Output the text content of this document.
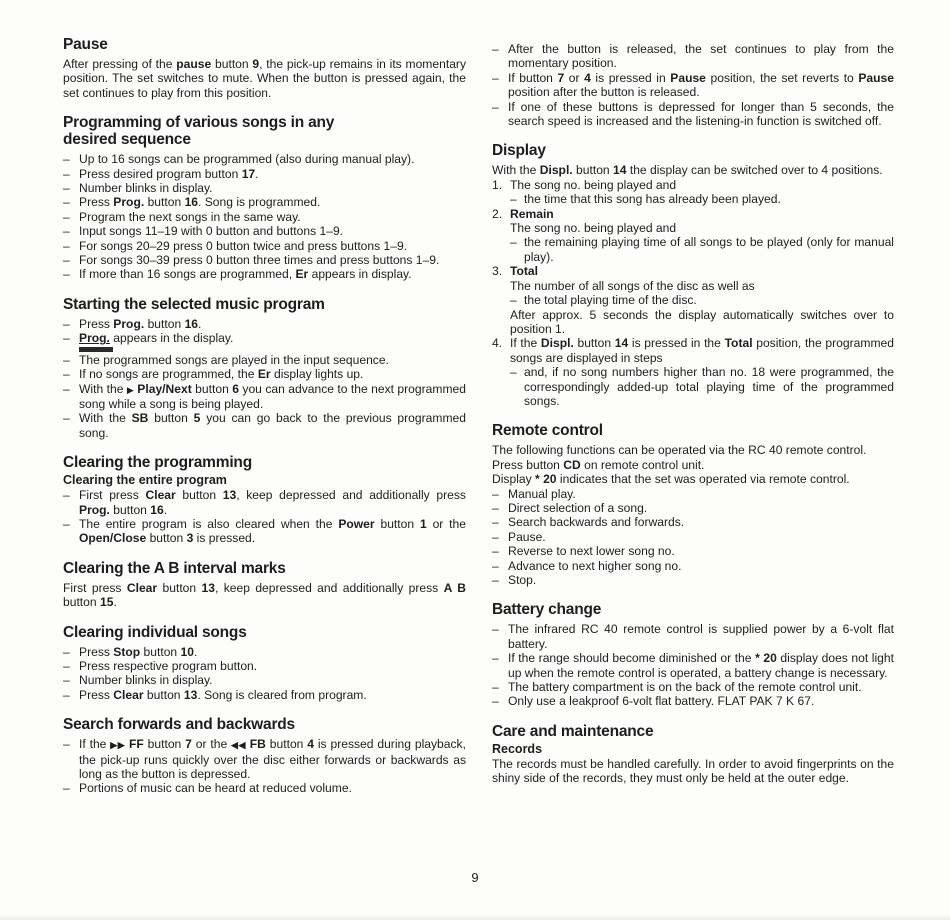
Pause

After pressing of the pause button 9, the pick-up remains in its momentary position. The set switches to mute. When the button is pressed again, the set continues to play from this position.

Programming of various songs in any desired sequence
– Up to 16 songs can be programmed (also during manual play).
– Press desired program button 17.
– Number blinks in display.
– Press Prog. button 16. Song is programmed.
– Program the next songs in the same way.
– Input songs 11–19 with 0 button and buttons 1–9.
– For songs 20–29 press 0 button twice and press buttons 1–9.
– For songs 30–39 press 0 button three times and press buttons 1–9.
– If more than 16 songs are programmed, Er appears in display.
Starting the selected music program
– Press Prog. button 16.
– Prog. appears in the display.
– The programmed songs are played in the input sequence.
– If no songs are programmed, the Er display lights up.
– With the ▶ Play/Next button 6 you can advance to the next programmed song while a song is being played.
– With the SB button 5 you can go back to the previous programmed song.
Clearing the programming
Clearing the entire program
– First press Clear button 13, keep depressed and additionally press Prog. button 16.
– The entire program is also cleared when the Power button 1 or the Open/Close button 3 is pressed.
Clearing the A B interval marks

First press Clear button 13, keep depressed and additionally press A B button 15.

Clearing individual songs
– Press Stop button 10.
– Press respective program button.
– Number blinks in display.
– Press Clear button 13. Song is cleared from program.
Search forwards and backwards
– If the ▶▶ FF button 7 or the ◀◀ FB button 4 is pressed during playback, the pick-up runs quickly over the disc either forwards or backwards as long as the button is depressed.
– Portions of music can be heard at reduced volume.
– After the button is released, the set continues to play from the momentary position.
– If button 7 or 4 is pressed in Pause position, the set reverts to Pause position after the button is released.
– If one of these buttons is depressed for longer than 5 seconds, the search speed is increased and the listening-in function is switched off.
Display

With the Displ. button 14 the display can be switched over to 4 positions.

1. The song no. being played and
– the time that this song has already been played.
2. Remain
The song no. being played and
– the remaining playing time of all songs to be played (only for manual play).
3. Total
The number of all songs of the disc as well as
– the total playing time of the disc.

After approx. 5 seconds the display automatically switches over to position 1.

4. If the Displ. button 14 is pressed in the Total position, the programmed songs are displayed in steps
– and, if no song numbers higher than no. 18 were programmed, the correspondingly added-up total playing time of the programmed songs.
Remote control

The following functions can be operated via the RC 40 remote control.

Press button CD on remote control unit.

Display * 20 indicates that the set was operated via remote control.

– Manual play.
– Direct selection of a song.
– Search backwards and forwards.
– Pause.
– Reverse to next lower song no.
– Advance to next higher song no.
– Stop.
Battery change
– The infrared RC 40 remote control is supplied power by a 6-volt flat battery.
– If the range should become diminished or the * 20 display does not light up when the remote control is operated, a battery change is necessary.
– The battery compartment is on the back of the remote control unit.
– Only use a leakproof 6-volt flat battery. FLAT PAK 7 K 67.
Care and maintenance
Records

The records must be handled carefully. In order to avoid fingerprints on the shiny side of the records, they must only be held at the outer edge.

9
